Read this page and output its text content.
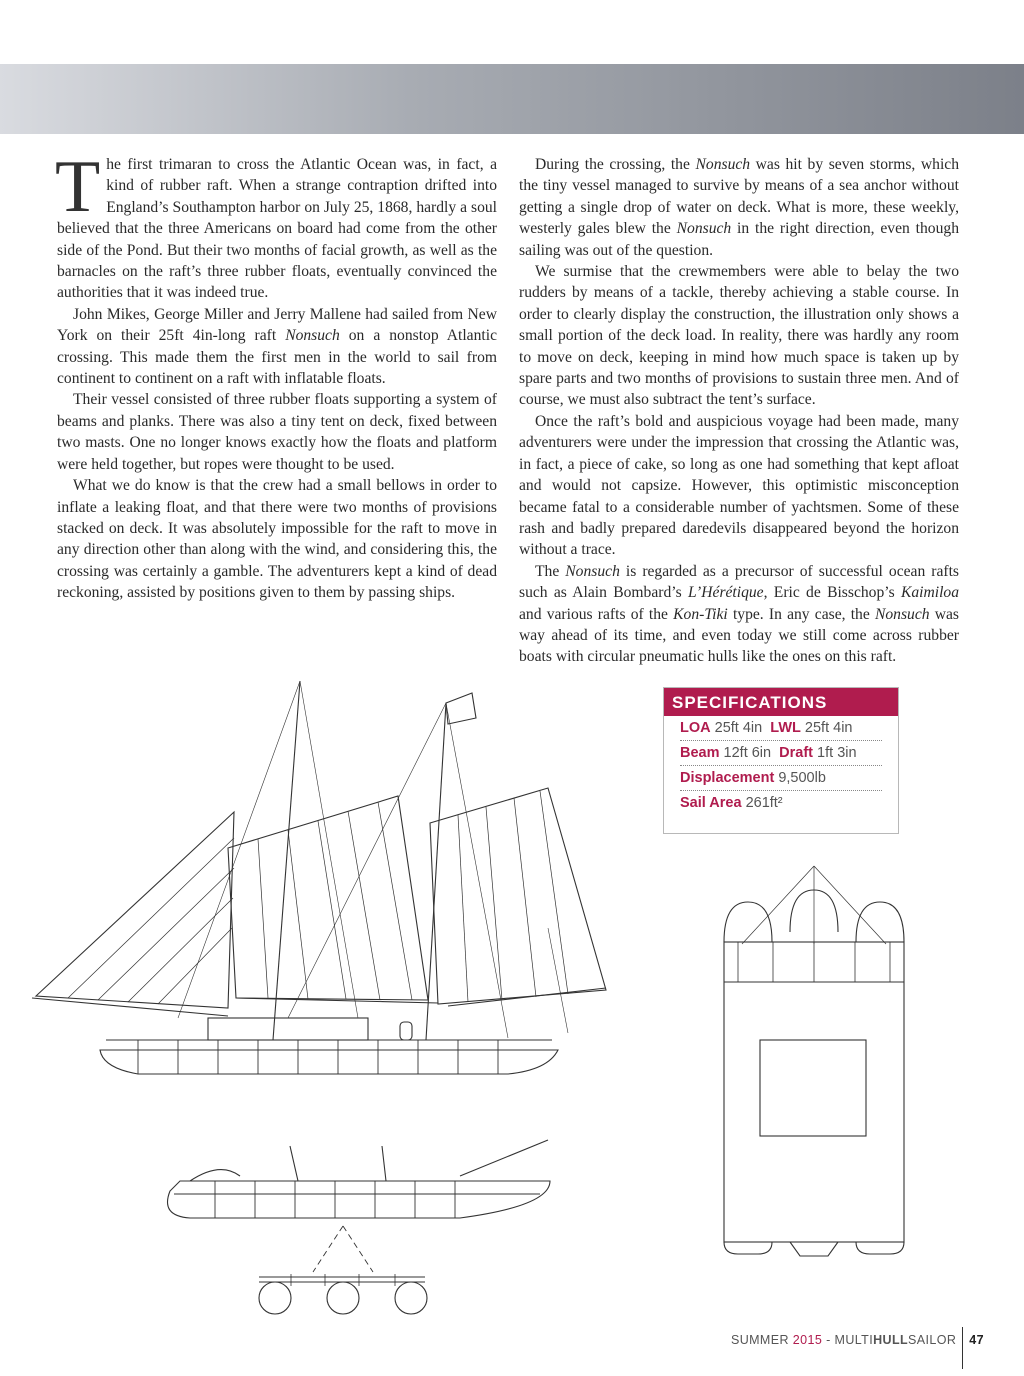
The first trimaran to cross the Atlantic Ocean was, in fact, a kind of rubber raft. When a strange contraption drifted into England’s Southampton harbor on July 25, 1868, hardly a soul believed that the three Americans on board had come from the other side of the Pond. But their two months of facial growth, as well as the barnacles on the raft’s three rubber floats, eventually convinced the authorities that it was indeed true.

John Mikes, George Miller and Jerry Mallene had sailed from New York on their 25ft 4in-long raft Nonsuch on a nonstop Atlantic crossing. This made them the first men in the world to sail from continent to continent on a raft with inflatable floats.

Their vessel consisted of three rubber floats supporting a system of beams and planks. There was also a tiny tent on deck, fixed between two masts. One no longer knows exactly how the floats and platform were held together, but ropes were thought to be used.

What we do know is that the crew had a small bellows in order to inflate a leaking float, and that there were two months of provisions stacked on deck. It was absolutely impossible for the raft to move in any direction other than along with the wind, and considering this, the crossing was certainly a gamble. The adventurers kept a kind of dead reckoning, assisted by positions given to them by passing ships.

During the crossing, the Nonsuch was hit by seven storms, which the tiny vessel managed to survive by means of a sea anchor without getting a single drop of water on deck. What is more, these weekly, westerly gales blew the Nonsuch in the right direction, even though sailing was out of the question.

We surmise that the crewmembers were able to belay the two rudders by means of a tackle, thereby achieving a stable course. In order to clearly display the construction, the illustration only shows a small portion of the deck load. In reality, there was hardly any room to move on deck, keeping in mind how much space is taken up by spare parts and two months of provisions to sustain three men. And of course, we must also subtract the tent’s surface.

Once the raft’s bold and auspicious voyage had been made, many adventurers were under the impression that crossing the Atlantic was, in fact, a piece of cake, so long as one had something that kept afloat and would not capsize. However, this optimistic misconception became fatal to a considerable number of yachtsmen. Some of these rash and badly prepared daredevils disappeared beyond the horizon without a trace.

The Nonsuch is regarded as a precursor of successful ocean rafts such as Alain Bombard’s L’Hérétique, Eric de Bisschop’s Kaimiloa and various rafts of the Kon-Tiki type. In any case, the Nonsuch was way ahead of its time, and even today we still come across rubber boats with circular pneumatic hulls like the ones on this raft.

SPECIFICATIONS
LOA 25ft 4in LWL 25ft 4in
Beam 12ft 6in Draft 1ft 3in
Displacement 9,500lb
Sail Area 261ft²
SUMMER 2015 - MULTIHULLSAILOR 47
